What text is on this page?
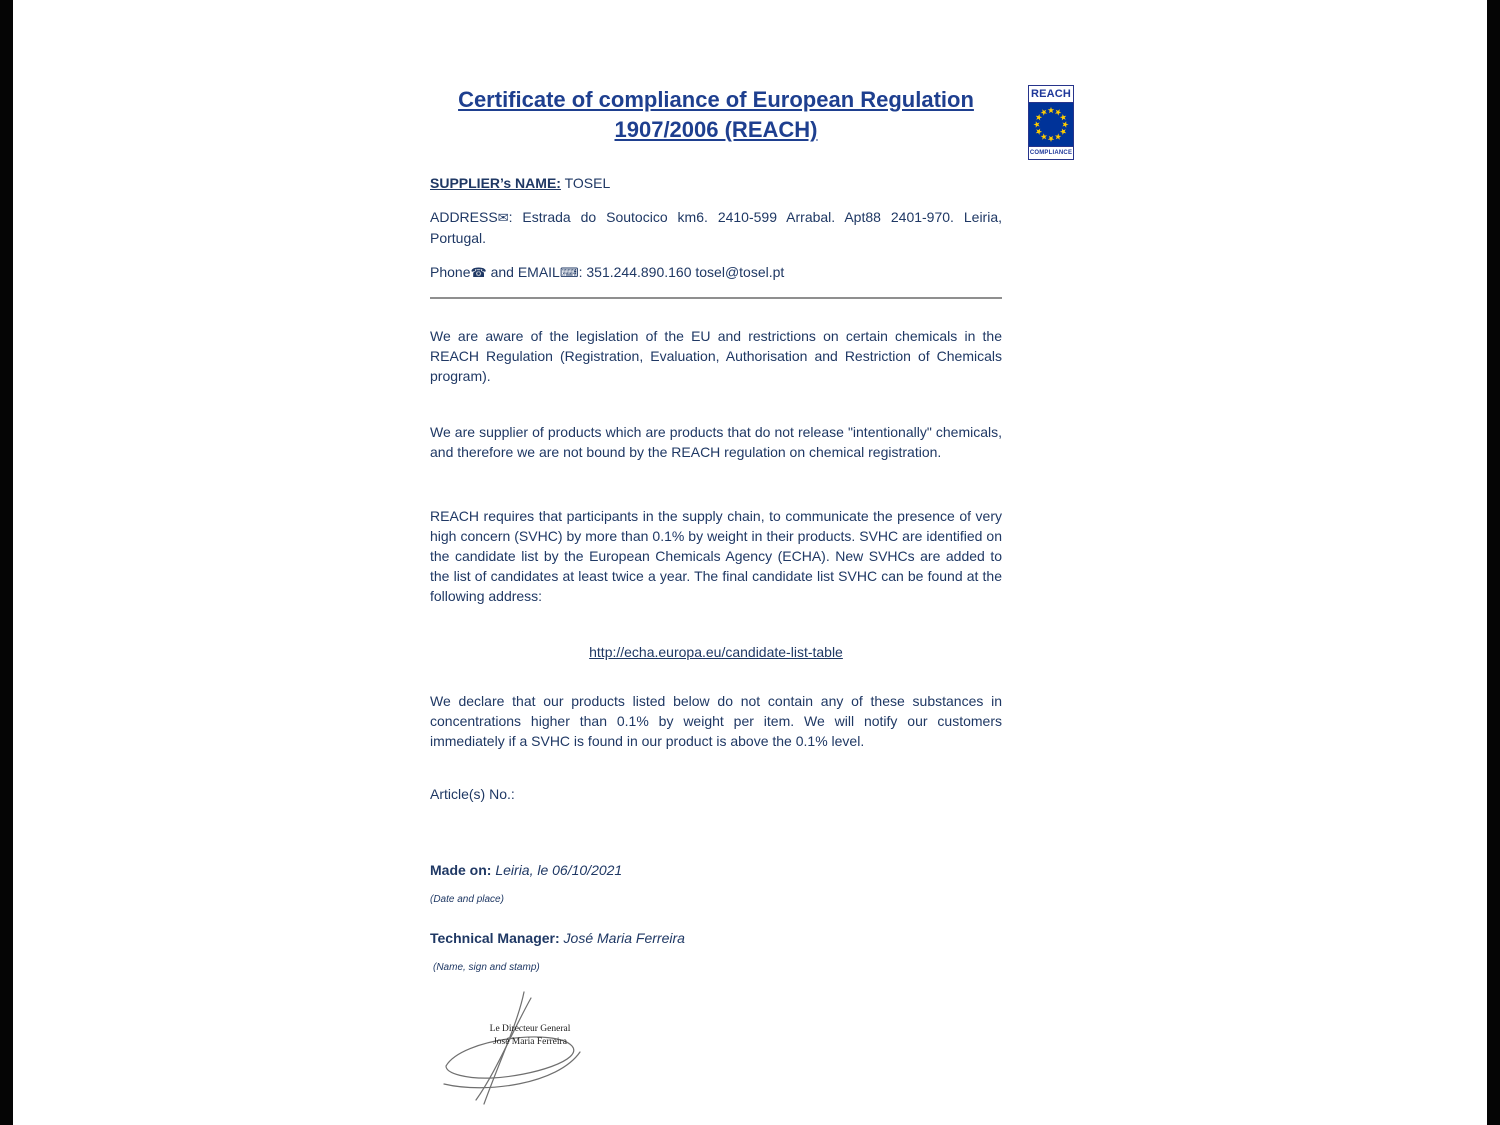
REACH
COMPLIANCE
Certificate of compliance of European Regulation
1907/2006 (REACH)

SUPPLIER’s NAME: TOSEL

ADDRESS✉: Estrada do Soutocico km6. 2410-599 Arrabal. Apt88 2401-970. Leiria, Portugal.

Phone☎ and EMAIL⌨: 351.244.890.160 tosel@tosel.pt

We are aware of the legislation of the EU and restrictions on certain chemicals in the REACH Regulation (Registration, Evaluation, Authorisation and Restriction of Chemicals program).

We are supplier of products which are products that do not release "intentionally" chemicals, and therefore we are not bound by the REACH regulation on chemical registration.

REACH requires that participants in the supply chain, to communicate the presence of very high concern (SVHC) by more than 0.1% by weight in their products. SVHC are identified on the candidate list by the European Chemicals Agency (ECHA). New SVHCs are added to the list of candidates at least twice a year. The final candidate list SVHC can be found at the following address:

http://echa.europa.eu/candidate-list-table

We declare that our products listed below do not contain any of these substances in concentrations higher than 0.1% by weight per item. We will notify our customers immediately if a SVHC is found in our product is above the 0.1% level.

Article(s) No.:

Made on: Leiria, le 06/10/2021

(Date and place)

Technical Manager: José Maria Ferreira

(Name, sign and stamp)

Le Directeur General
José Maria Ferreira
